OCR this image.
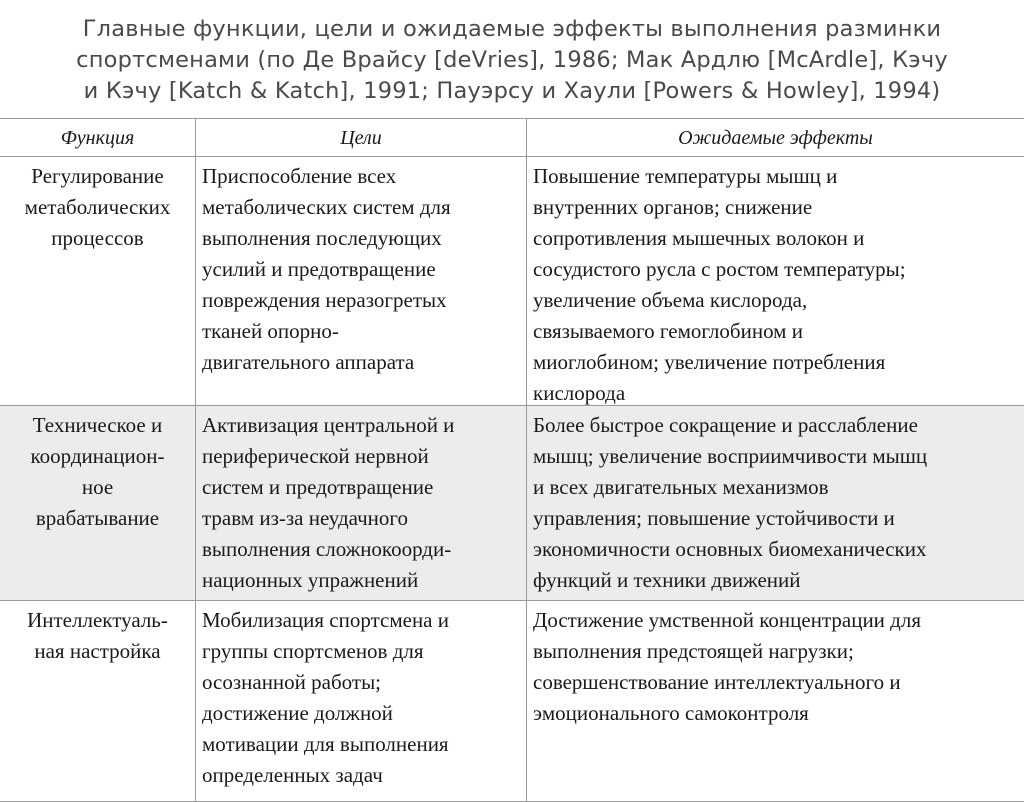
Главные функции, цели и ожидаемые эффекты выполнения разминки
спортсменами (по Де Врайсу [deVries], 1986; Мак Ардлю [McArdle], Кэчу
и Кэчу [Katch & Katch], 1991; Пауэрсу и Хаули [Powers & Howley], 1994)
Функция	Цели	Ожидаемые эффекты
Регулирование
метаболических
процессов
Приспособление всех
метаболических систем для
выполнения последующих
усилий и предотвращение
повреждения неразогретых
тканей опорно-
двигательного аппарата
Повышение температуры мышц и
внутренних органов; снижение
сопротивления мышечных волокон и
сосудистого русла с ростом температуры;
увеличение объема кислорода,
связываемого гемоглобином и
миоглобином; увеличение потребления
кислорода
Техническое и
координацион-
ное
врабатывание
Активизация центральной и
периферической нервной
систем и предотвращение
травм из-за неудачного
выполнения сложнокоорди-
национных упражнений
Более быстрое сокращение и расслабление
мышц; увеличение восприимчивости мышц
и всех двигательных механизмов
управления; повышение устойчивости и
экономичности основных биомеханических
функций и техники движений
Интеллектуаль-
ная настройка
Мобилизация спортсмена и
группы спортсменов для
осознанной работы;
достижение должной
мотивации для выполнения
определенных задач
Достижение умственной концентрации для
выполнения предстоящей нагрузки;
совершенствование интеллектуального и
эмоционального самоконтроля
